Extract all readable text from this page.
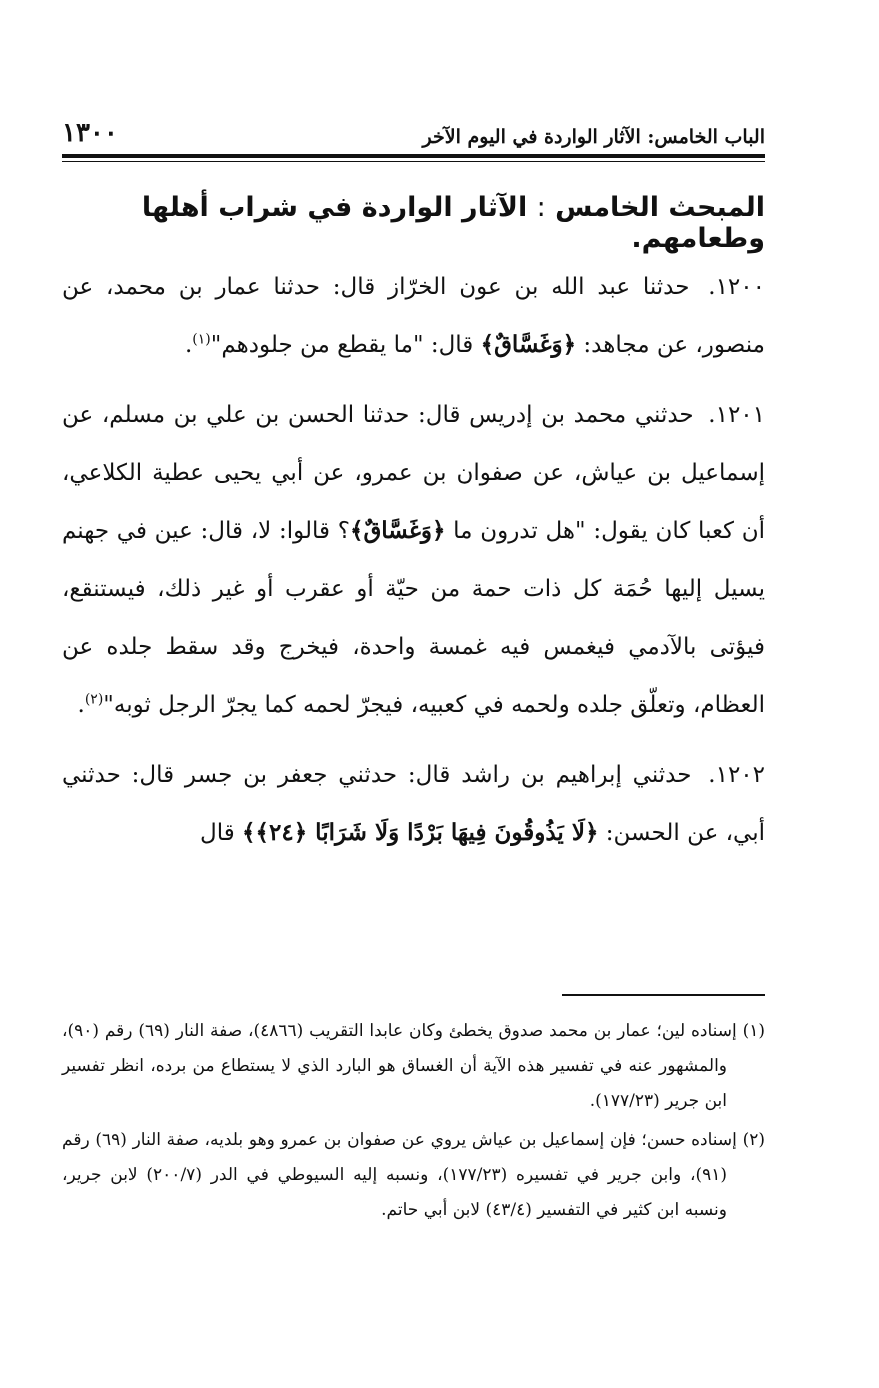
الباب الخامس: الآثار الواردة في اليوم الآخر
١٣٠٠
المبحث الخامس : الآثار الواردة في شراب أهلها وطعامهم.

١٢٠٠. حدثنا عبد الله بن عون الخرّاز قال: حدثنا عمار بن محمد، عن منصور، عن مجاهد: ﴿وَغَسَّاقٌ﴾ قال: "ما يقطع من جلودهم"$^{(١)}$.

١٢٠١. حدثني محمد بن إدريس قال: حدثنا الحسن بن علي بن مسلم، عن إسماعيل بن عياش، عن صفوان بن عمرو، عن أبي يحيى عطية الكلاعي، أن كعبا كان يقول: "هل تدرون ما ﴿وَغَسَّاقٌ﴾؟ قالوا: لا، قال: عين في جهنم يسيل إليها حُمَة كل ذات حمة من حيّة أو عقرب أو غير ذلك، فيستنقع، فيؤتى بالآدمي فيغمس فيه غمسة واحدة، فيخرج وقد سقط جلده عن العظام، وتعلّق جلده ولحمه في كعبيه، فيجرّ لحمه كما يجرّ الرجل ثوبه"$^{(٢)}$.

١٢٠٢. حدثني إبراهيم بن راشد قال: حدثني جعفر بن جسر قال: حدثني أبي، عن الحسن: ﴿لَا يَذُوقُونَ فِيهَا بَرْدًا وَلَا شَرَابًا ﴿٢٤﴾﴾ قال

(١) إسناده لين؛ عمار بن محمد صدوق يخطئ وكان عابدا التقريب (٤٨٦٦)، صفة النار (٦٩) رقم (٩٠)، والمشهور عنه في تفسير هذه الآية أن الغساق هو البارد الذي لا يستطاع من برده، انظر تفسير ابن جرير (١٧٧/٢٣).

(٢) إسناده حسن؛ فإن إسماعيل بن عياش يروي عن صفوان بن عمرو وهو بلديه، صفة النار (٦٩) رقم (٩١)، وابن جرير في تفسيره (١٧٧/٢٣)، ونسبه إليه السيوطي في الدر (٢٠٠/٧) لابن جرير، ونسبه ابن كثير في التفسير (٤٣/٤) لابن أبي حاتم.
